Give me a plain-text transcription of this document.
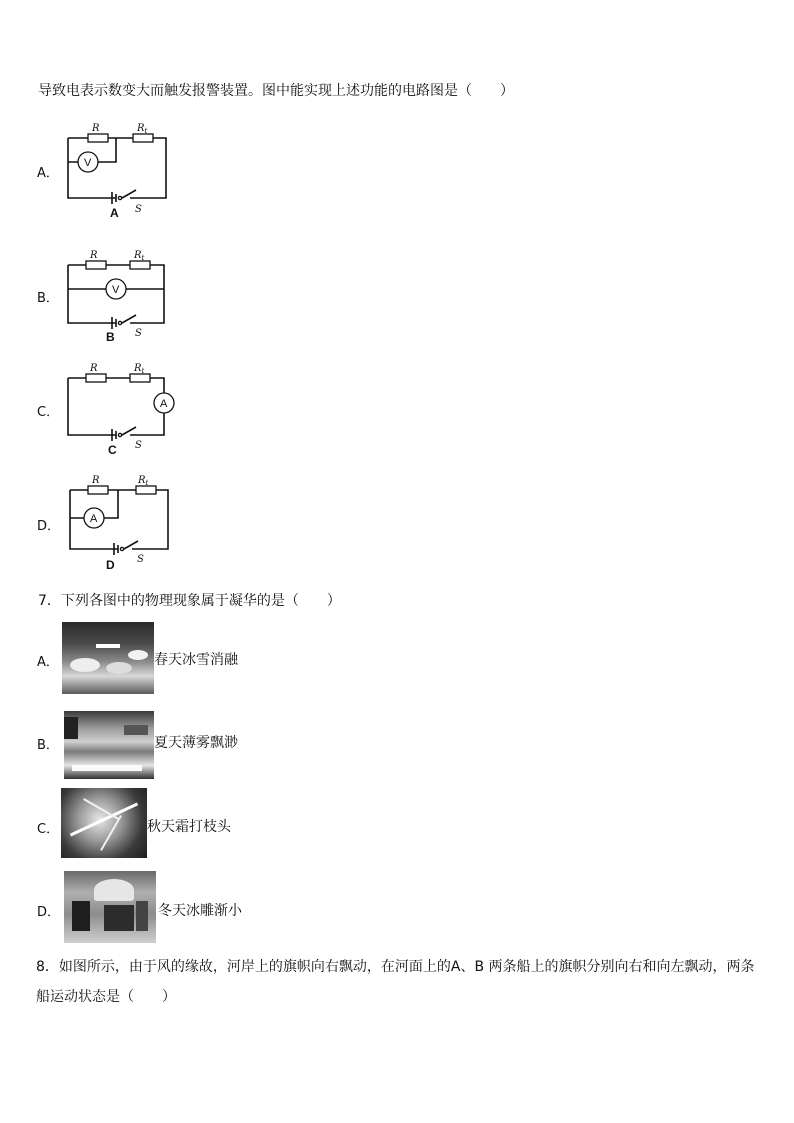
导致电表示数变大而触发报警装置。图中能实现上述功能的电路图是（　　）
A．
R	$R_t$
V
S
A
B．
R	$R_t$
V
S
B
C．
R	$R_t$
A
S
C
D．
R	$R_t$
A
S
D
7．下列各图中的物理现象属于凝华的是（　　）
A．	春天冰雪消融
B．	夏天薄雾飘渺
C．	秋天霜打枝头
D．	冬天冰雕渐小
8．如图所示，由于风的缘故，河岸上的旗帜向右飘动，在河面上的A、B 两条船上的旗帜分别向右和向左飘动，两条
船运动状态是（　　）
